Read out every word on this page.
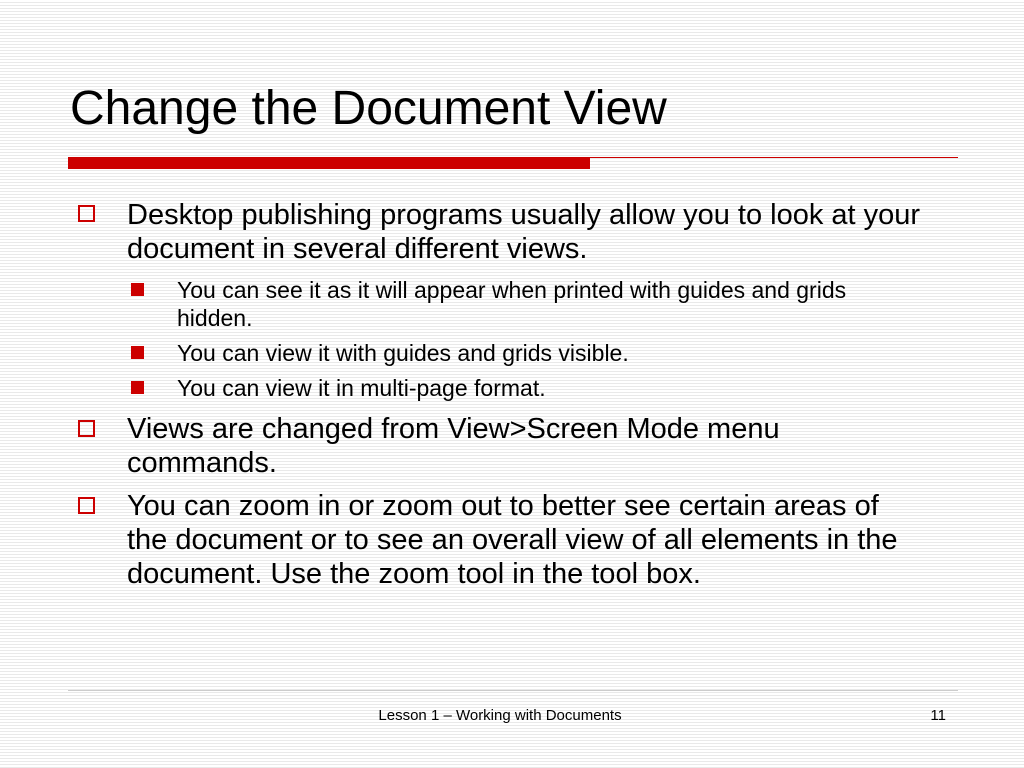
Change the Document View
Desktop publishing programs usually allow you to look at your document in several different views.
You can see it as it will appear when printed with guides and grids hidden.
You can view it with guides and grids visible.
You can view it in multi-page format.
Views are changed from View>Screen Mode menu commands.
You can zoom in or zoom out to better see certain areas of the document or to see an overall view of all elements in the document. Use the zoom tool in the tool box.
Lesson 1 – Working with Documents	11
